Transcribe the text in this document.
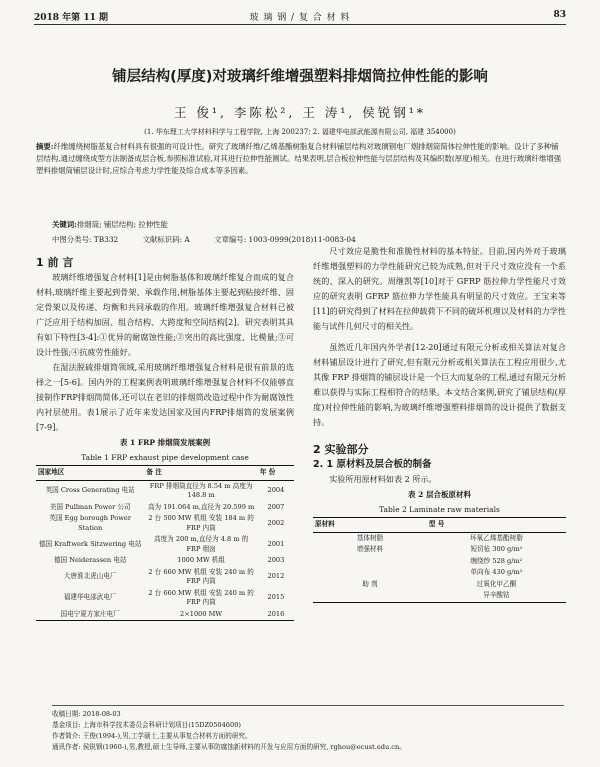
2018 年第 11 期	玻 璃 钢 / 复 合 材 料	83
铺层结构(厚度)对玻璃纤维增强塑料排烟筒拉伸性能的影响
王 俊¹, 李陈松², 王 涛¹, 侯锐钢¹*
(1. 华东理工大学材料科学与工程学院, 上海 200237; 2. 福建华电部武能源有限公司, 福建 354000)
摘要:纤维缠绕树脂基复合材料具有很强的可设计性。研究了玻璃纤维/乙烯基酯树脂复合材料铺层结构对玻璃钢电厂烟排烟筒简体拉伸性能的影响。设计了多种铺层结构,通过缠绕成型方法制备成层合板,参照标准试验,对其进行拉伸性能测试。结果表明,层合板拉伸性能与层层结构及其编织数(厚度)相关。在进行玻璃纤维增强塑料排烟筒铺层设计时,应综合考虑力学性能及综合成本等多因素。
关键词:排烟筒; 铺层结构; 拉伸性能
中图分类号: TB332	文献标识码: A	文章编号: 1003-0999(2018)11-0083-04
1 前 言

玻璃纤维增强复合材料[1]是由树脂基体和玻璃纤维复合而成的复合材料,玻璃纤维主要起到骨架、承载作用,树脂基体主要起到粘接纤维、固定骨架以及传递、均衡和共同承载的作用。玻璃纤维增强复合材料已被广泛应用于结构加固、组合结构、大跨度和空间结构[2]。研究表明其具有如下特性[3-4]:①优异的耐腐蚀性能;②突出的高比强度、比模量;③可设计性强;④抗疲劳性能好。

在湿法脱硫排烟筒领域,采用玻璃纤维增强复合材料是很有前景的选择之一[5-6]。国内外的工程案例表明玻璃纤维增强复合材料不仅能够直接制作FRP排烟筒简体,还可以在老旧的排烟筒改造过程中作为耐腐蚀性内衬层使用。表1展示了近年来发达国家及国内FRP排烟筒的发展案例[7-9]。

表 1 FRP 排烟筒发展案例
Table 1 FRP exhaust pipe development case
国家地区	备 注	年 份
英国 Cross Generating 电站	FRP 排烟筒直径为 8.54 m 高度为 148.8 m	2004
美国 Pullman Power 公司	高为 191.064 m,直径为 20.599 m	2007
英国 Egg borough Power Station	2 台 500 MW 机组 安装 184 m 的 FRP 内筒	2002
德国 Kraftwerk Sitzwering 电站	高度为 200 m,直径为 4.8 m 的 FRP 烟囱	2001
德国 Neiderassen 电站	1000 MW 机组	2003
大唐淮北虎山电厂	2 台 660 MW 机组 安装 240 m 的 FRP 内筒	2012
福建华电邵武电厂	2 台 660 MW 机组 安装 240 m 的 FRP 内筒	2015
国电宁夏方家庄电厂	2×1000 MW	2016

尺寸效应是脆性和准脆性材料的基本特征。目前,国内外对于玻璃纤维增强塑料的力学性能研究已较为成熟,但对于尺寸效应没有一个系统的、深入的研究。周继凯等[10]对于 GFRP 筋拉伸力学性能尺寸效应的研究表明 GFRP 筋拉伸力学性能具有明显的尺寸效应。王宝来等[11]的研究得到了材料在拉伸载荷下不同的破坏机理以及材料的力学性能与试件几何尺寸的相关性。

虽然近几年国内外学者[12-20]通过有限元分析或相关算法对复合材料铺层设计进行了研究,但有限元分析或相关算法在工程应用很少,尤其像 FRP 排烟筒的铺层设计是一个巨大而复杂的工程,通过有限元分析难以获得与实际工程相符合的结果。本文结合案例,研究了铺层结构(厚度)对拉伸性能的影响,为玻璃纤维增强塑料排烟筒的设计提供了数据支持。

2 实验部分
2. 1 原材料及层合板的制备

实验所用原材料如表 2 所示。

表 2 层合板原材料
Table 2 Laminate raw materials
原材料	型 号
基体树脂	环氧乙烯基酯树脂
增强材料	短切毡 300 g/m²
	缠绕纱 528 g/m²
	单向布 430 g/m²
助 剂	过氧化甲乙酮
	异辛酸钴
收稿日期: 2018-08-03
基金项目: 上海市科学技术委员会科研计划项目(15DZ0504600)
作者简介: 王俊(1994-),男,工学硕士,主要从事复合材料方面的研究。
通讯作者: 侯锐钢(1960-),男,教授,硕士生导师,主要从事防腐蚀新材料的开发与应用方面的研究, rghou@ecust.edu.cn。
